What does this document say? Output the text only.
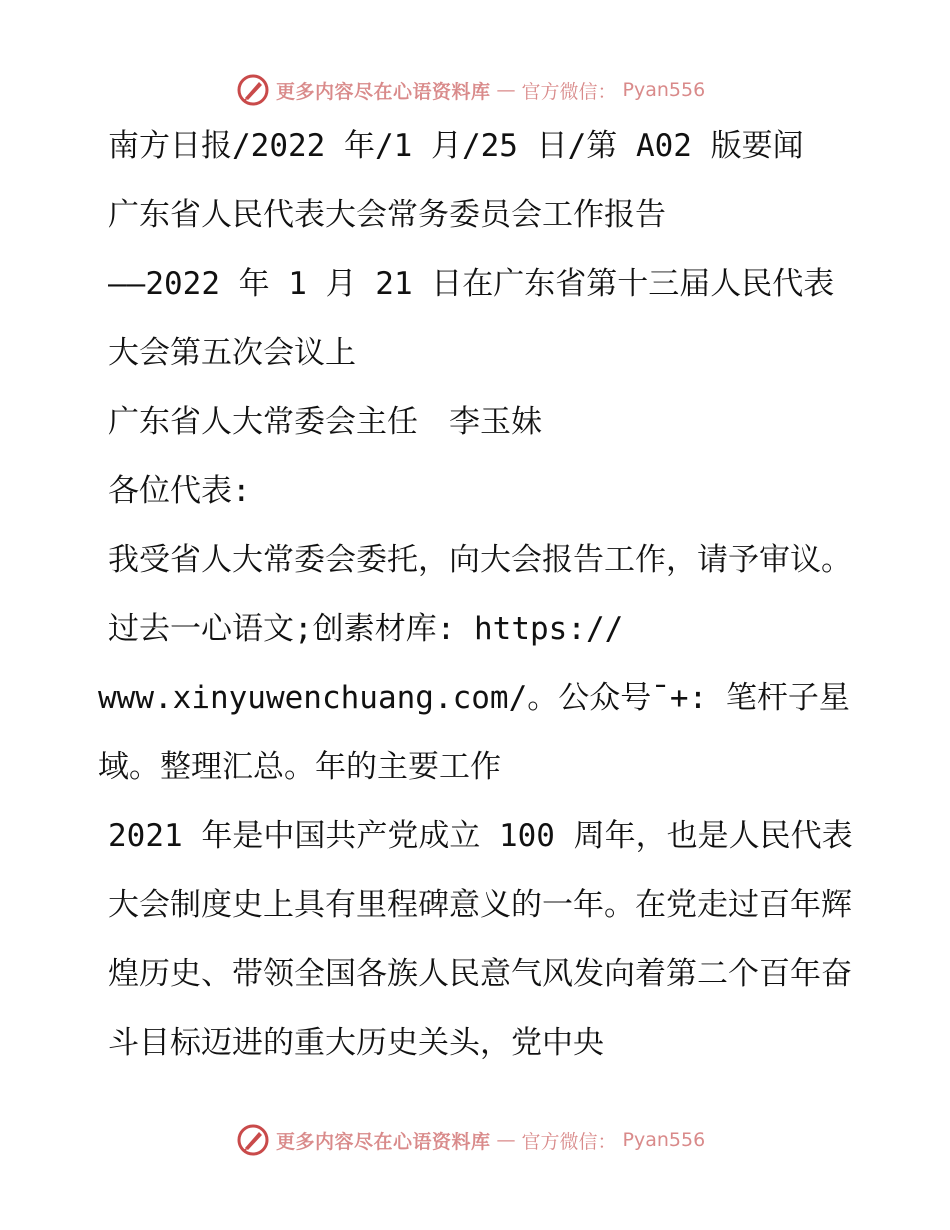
更多内容尽在心语资料库 — 官方微信： Pyan556

南方日报/2022 年/1 月/25 日/第 A02 版要闻

广东省人民代表大会常务委员会工作报告

——2022 年 1 月 21 日在广东省第十三届人民代表大会第五次会议上

广东省人大常委会主任　李玉妹

各位代表:

我受省人大常委会委托，向大会报告工作，请予审议。

过去一心语文;创素材库: https://

www.xinyuwenchuang.com/。公众号¯+: 笔杆子星

域。整理汇总。年的主要工作

2021 年是中国共产党成立 100 周年，也是人民代表大会制度史上具有里程碑意义的一年。在党走过百年辉煌历史、带领全国各族人民意气风发向着第二个百年奋斗目标迈进的重大历史关头，党中央

更多内容尽在心语资料库 — 官方微信： Pyan556
